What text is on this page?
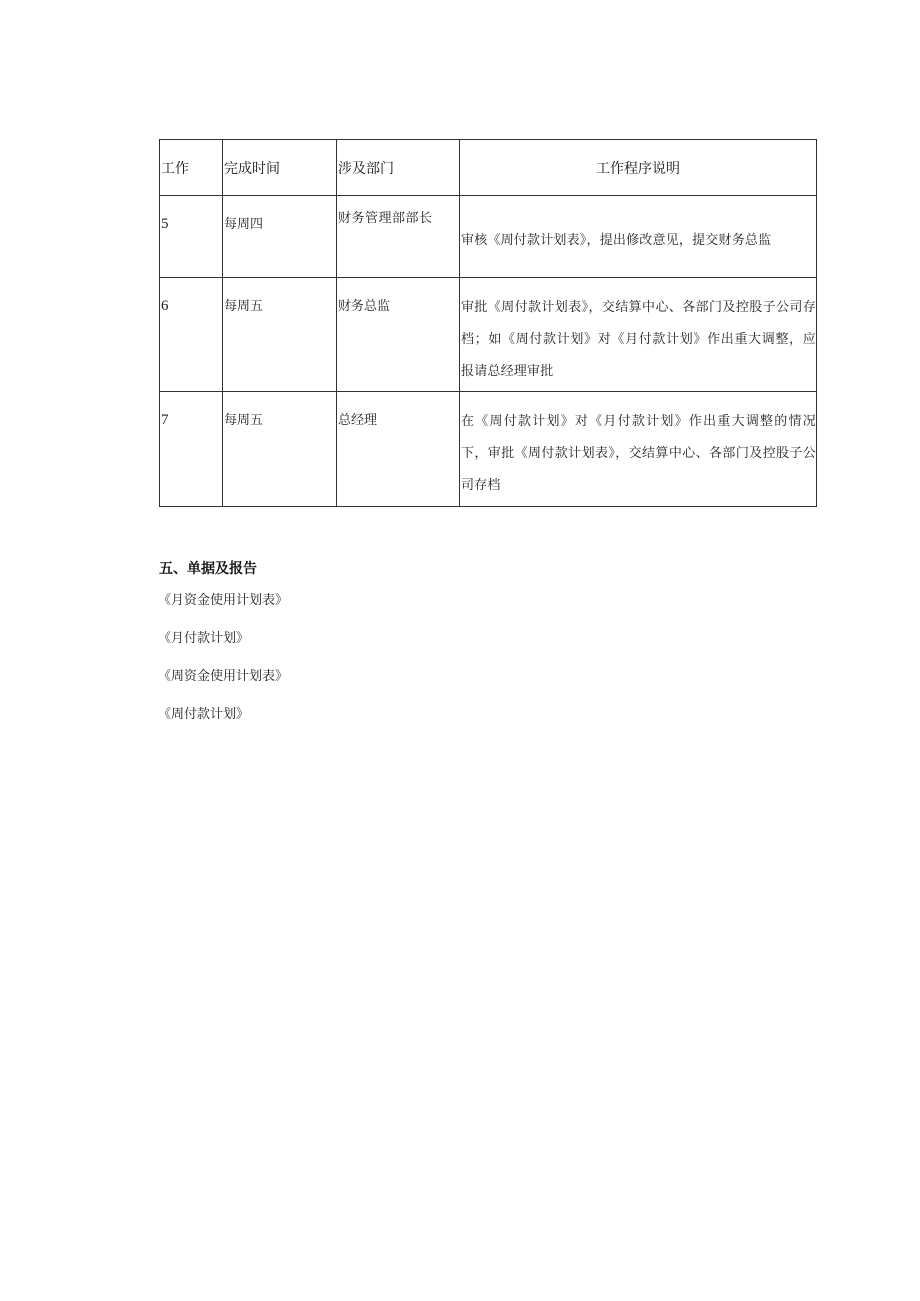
工作	完成时间	涉及部门	工作程序说明

5	每周四	财务管理部部长	审核《周付款计划表》，提出修改意见，提交财务总监

6	每周五	财务总监	审批《周付款计划表》，交结算中心、各部门及控股子公司存档；如《周付款计划》对《月付款计划》作出重大调整，应报请总经理审批

7	每周五	总经理	在《周付款计划》对《月付款计划》作出重大调整的情况下，审批《周付款计划表》，交结算中心、各部门及控股子公司存档
五、单据及报告
《月资金使用计划表》
《月付款计划》
《周资金使用计划表》
《周付款计划》
